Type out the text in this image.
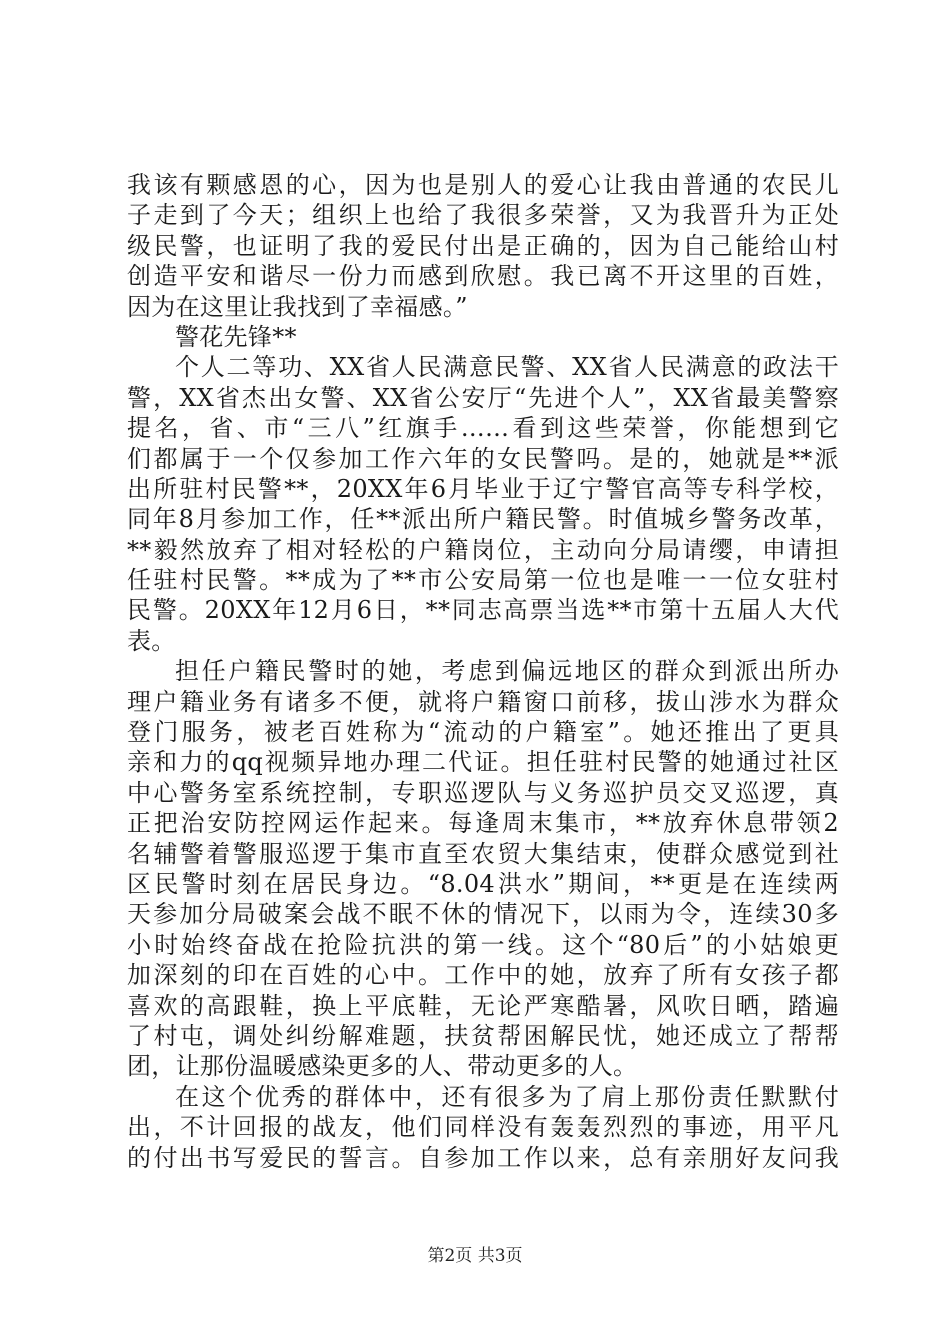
我该有颗感恩的心，因为也是别人的爱心让我由普通的农民儿
子走到了今天；组织上也给了我很多荣誉，又为我晋升为正处
级民警，也证明了我的爱民付出是正确的，因为自己能给山村
创造平安和谐尽一份力而感到欣慰。我已离不开这里的百姓，
因为在这里让我找到了幸福感。”
警花先锋**
个人二等功、XX省人民满意民警、XX省人民满意的政法干
警，XX省杰出女警、XX省公安厅“先进个人”，XX省最美警察
提名，省、市“三八”红旗手……看到这些荣誉，你能想到它
们都属于一个仅参加工作六年的女民警吗。是的，她就是**派
出所驻村民警**，20XX年6月毕业于辽宁警官高等专科学校，
同年8月参加工作，任**派出所户籍民警。时值城乡警务改革，
**毅然放弃了相对轻松的户籍岗位，主动向分局请缨，申请担
任驻村民警。**成为了**市公安局第一位也是唯一一位女驻村
民警。20XX年12月6日，**同志高票当选**市第十五届人大代
表。
担任户籍民警时的她，考虑到偏远地区的群众到派出所办
理户籍业务有诸多不便，就将户籍窗口前移，拔山涉水为群众
登门服务，被老百姓称为“流动的户籍室”。她还推出了更具
亲和力的qq视频异地办理二代证。担任驻村民警的她通过社区
中心警务室系统控制，专职巡逻队与义务巡护员交叉巡逻，真
正把治安防控网运作起来。每逢周末集市，**放弃休息带领2
名辅警着警服巡逻于集市直至农贸大集结束，使群众感觉到社
区民警时刻在居民身边。“8.04洪水”期间，**更是在连续两
天参加分局破案会战不眠不休的情况下，以雨为令，连续30多
小时始终奋战在抢险抗洪的第一线。这个“80后”的小姑娘更
加深刻的印在百姓的心中。工作中的她，放弃了所有女孩子都
喜欢的高跟鞋，换上平底鞋，无论严寒酷暑，风吹日晒，踏遍
了村屯，调处纠纷解难题，扶贫帮困解民忧，她还成立了帮帮
团，让那份温暖感染更多的人、带动更多的人。
在这个优秀的群体中，还有很多为了肩上那份责任默默付
出，不计回报的战友，他们同样没有轰轰烈烈的事迹，用平凡
的付出书写爱民的誓言。自参加工作以来，总有亲朋好友问我
第2页 共3页
